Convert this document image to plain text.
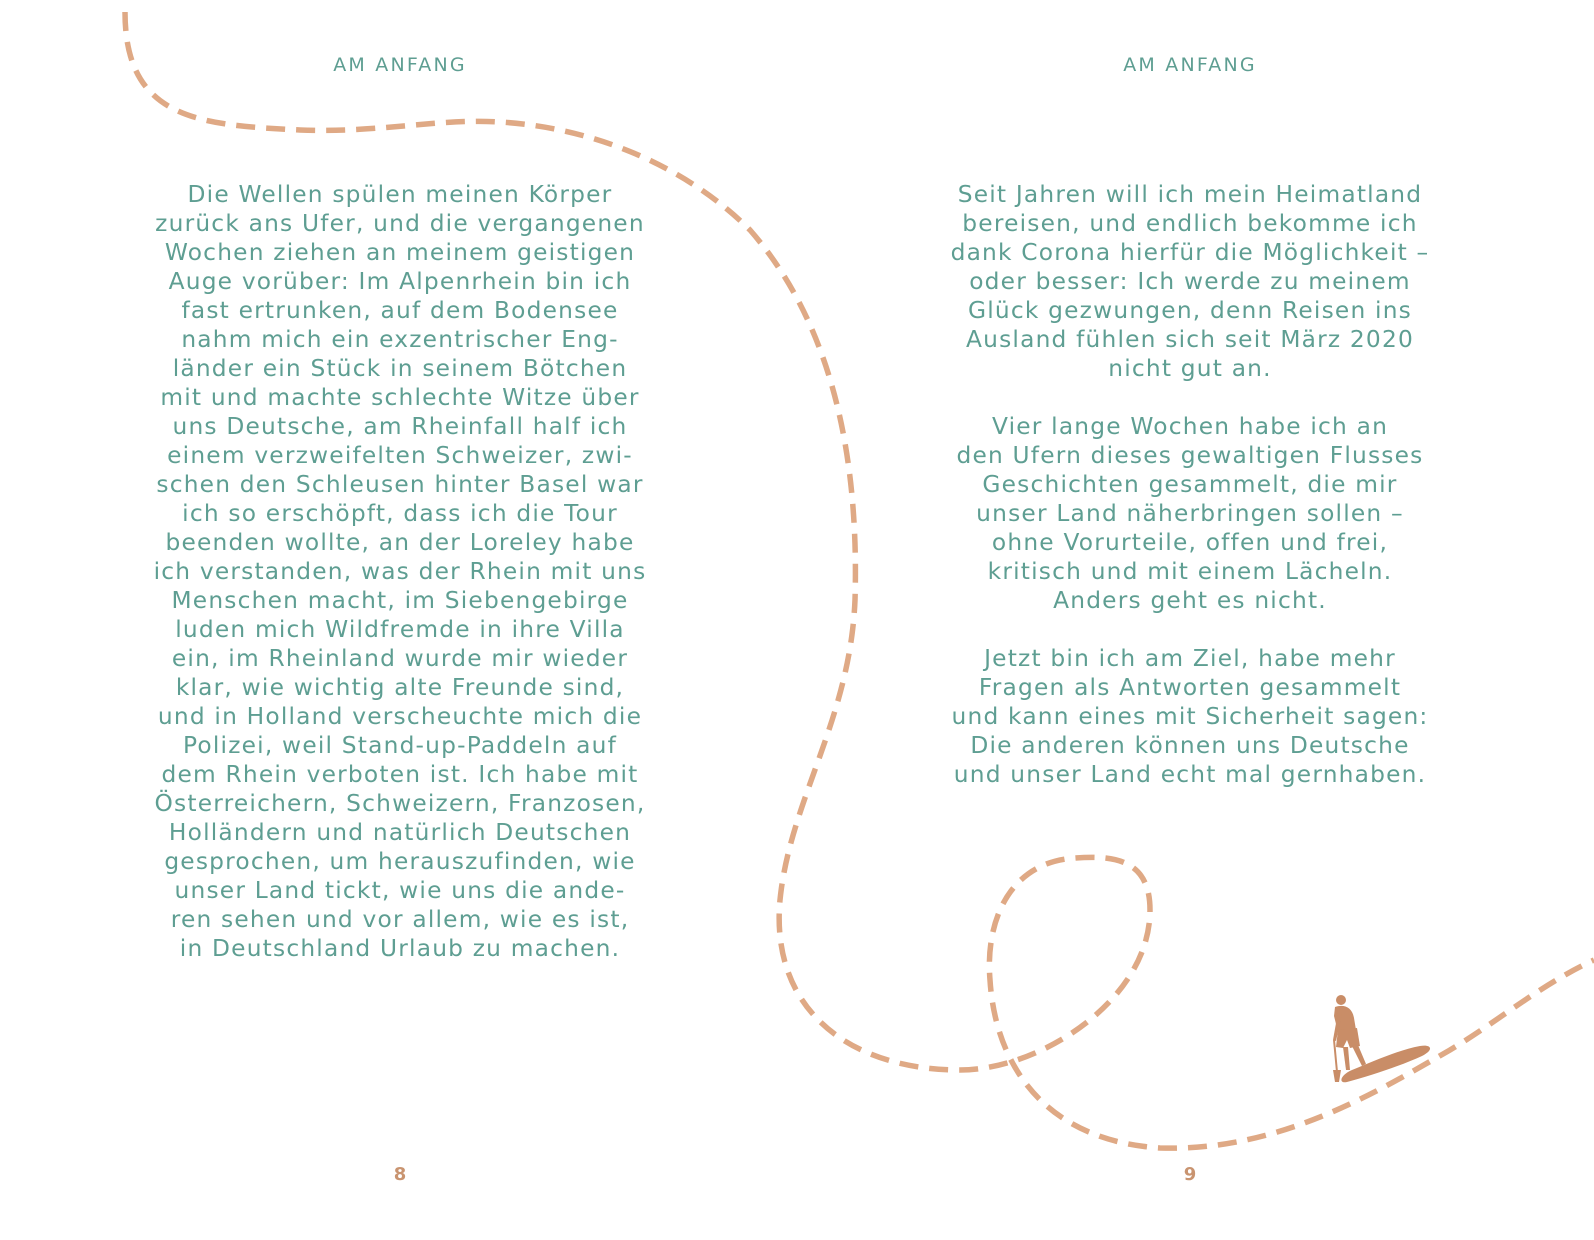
AM ANFANG

Die Wellen spülen meinen Körper
zurück ans Ufer, und die vergangenen
Wochen ziehen an meinem geistigen
Auge vorüber: Im Alpenrhein bin ich
fast ertrunken, auf dem Bodensee
nahm mich ein exzentrischer Eng-
länder ein Stück in seinem Bötchen
mit und machte schlechte Witze über
uns Deutsche, am Rheinfall half ich
einem verzweifelten Schweizer, zwi-
schen den Schleusen hinter Basel war
ich so erschöpft, dass ich die Tour
beenden wollte, an der Loreley habe
ich verstanden, was der Rhein mit uns
Menschen macht, im Siebengebirge
luden mich Wildfremde in ihre Villa
ein, im Rheinland wurde mir wieder
klar, wie wichtig alte Freunde sind,
und in Holland verscheuchte mich die
Polizei, weil Stand-up-Paddeln auf
dem Rhein verboten ist. Ich habe mit
Österreichern, Schweizern, Franzosen,
Holländern und natürlich Deutschen
gesprochen, um herauszufinden, wie
unser Land tickt, wie uns die ande-
ren sehen und vor allem, wie es ist,
in Deutschland Urlaub zu machen.

8
AM ANFANG

Seit Jahren will ich mein Heimatland
bereisen, und endlich bekomme ich
dank Corona hierfür die Möglichkeit –
oder besser: Ich werde zu meinem
Glück gezwungen, denn Reisen ins
Ausland fühlen sich seit März 2020
nicht gut an.

Vier lange Wochen habe ich an
den Ufern dieses gewaltigen Flusses
Geschichten gesammelt, die mir
unser Land näherbringen sollen –
ohne Vorurteile, offen und frei,
kritisch und mit einem Lächeln.
Anders geht es nicht.

Jetzt bin ich am Ziel, habe mehr
Fragen als Antworten gesammelt
und kann eines mit Sicherheit sagen:
Die anderen können uns Deutsche
und unser Land echt mal gernhaben.

9
